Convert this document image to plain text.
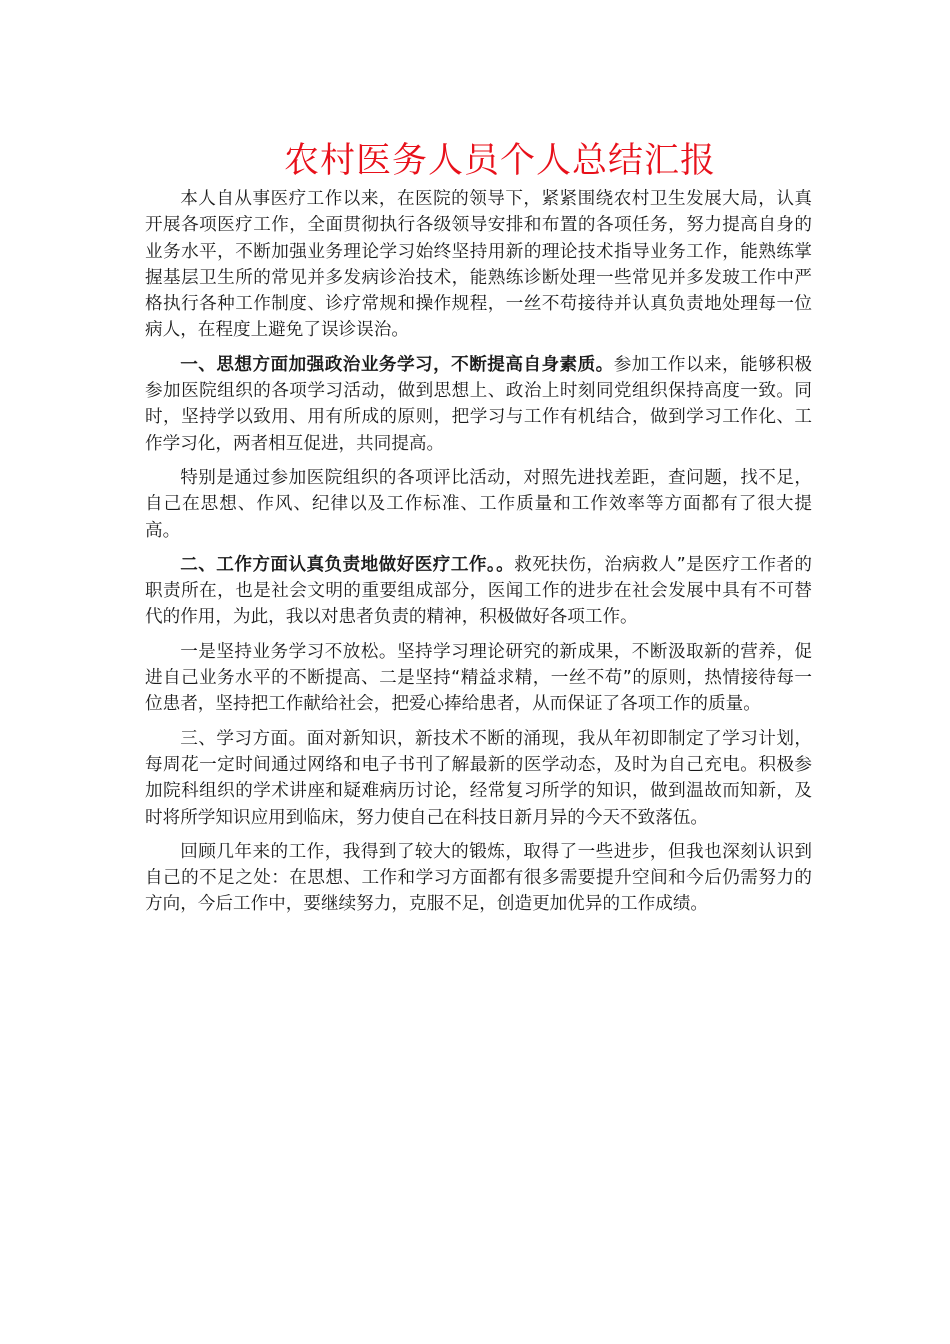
农村医务人员个人总结汇报

本人自从事医疗工作以来，在医院的领导下，紧紧围绕农村卫生发展大局，认真开展各项医疗工作，全面贯彻执行各级领导安排和布置的各项任务，努力提高自身的业务水平，不断加强业务理论学习始终坚持用新的理论技术指导业务工作，能熟练掌握基层卫生所的常见并多发病诊治技术，能熟练诊断处理一些常见并多发玻工作中严格执行各种工作制度、诊疗常规和操作规程，一丝不苟接待并认真负责地处理每一位病人，在程度上避免了误诊误治。

一、思想方面加强政治业务学习，不断提高自身素质。参加工作以来，能够积极参加医院组织的各项学习活动，做到思想上、政治上时刻同党组织保持高度一致。同时，坚持学以致用、用有所成的原则，把学习与工作有机结合，做到学习工作化、工作学习化，两者相互促进，共同提高。

特别是通过参加医院组织的各项评比活动，对照先进找差距，查问题，找不足，自己在思想、作风、纪律以及工作标准、工作质量和工作效率等方面都有了很大提高。

二、工作方面认真负责地做好医疗工作。。救死扶伤，治病救人”是医疗工作者的职责所在，也是社会文明的重要组成部分，医闻工作的进步在社会发展中具有不可替代的作用，为此，我以对患者负责的精神，积极做好各项工作。

一是坚持业务学习不放松。坚持学习理论研究的新成果，不断汲取新的营养，促进自己业务水平的不断提高、二是坚持“精益求精，一丝不苟”的原则，热情接待每一位患者，坚持把工作献给社会，把爱心捧给患者，从而保证了各项工作的质量。

三、学习方面。面对新知识，新技术不断的涌现，我从年初即制定了学习计划，每周花一定时间通过网络和电子书刊了解最新的医学动态，及时为自己充电。积极参加院科组织的学术讲座和疑难病历讨论，经常复习所学的知识，做到温故而知新，及时将所学知识应用到临床，努力使自己在科技日新月异的今天不致落伍。

回顾几年来的工作，我得到了较大的锻炼，取得了一些进步，但我也深刻认识到自己的不足之处：在思想、工作和学习方面都有很多需要提升空间和今后仍需努力的方向，今后工作中，要继续努力，克服不足，创造更加优异的工作成绩。
